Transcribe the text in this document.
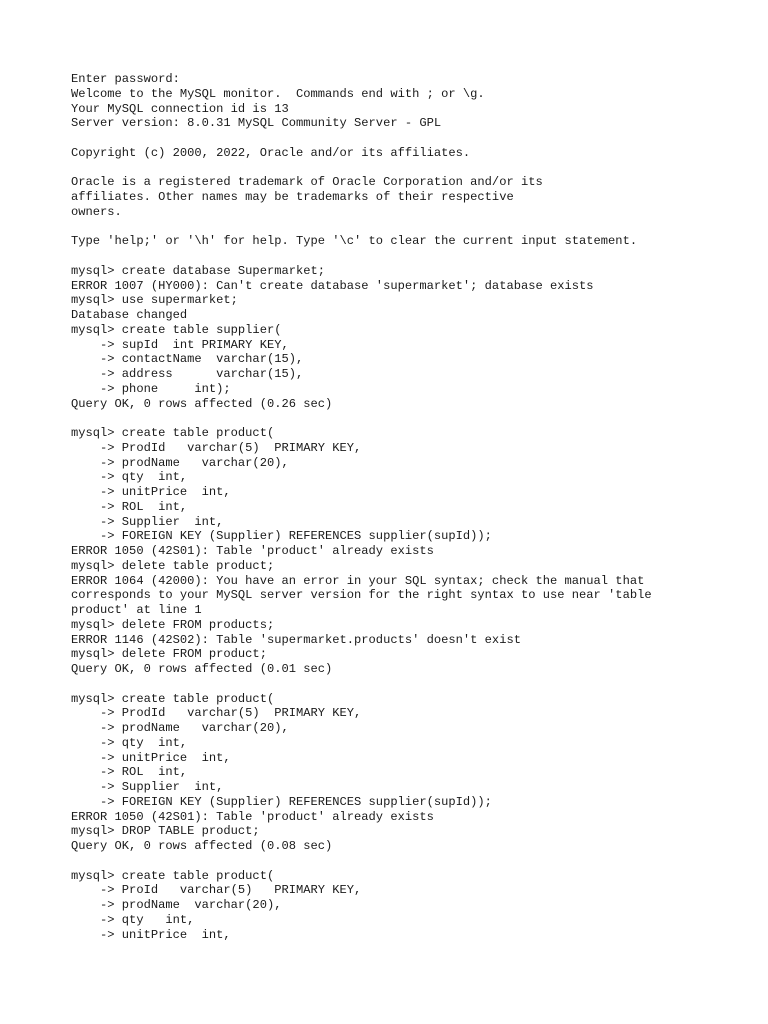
Enter password:
Welcome to the MySQL monitor.  Commands end with ; or \g.
Your MySQL connection id is 13
Server version: 8.0.31 MySQL Community Server - GPL
Copyright (c) 2000, 2022, Oracle and/or its affiliates.
Oracle is a registered trademark of Oracle Corporation and/or its
affiliates. Other names may be trademarks of their respective
owners.
Type 'help;' or '\h' for help. Type '\c' to clear the current input statement.
mysql> create database Supermarket;
ERROR 1007 (HY000): Can't create database 'supermarket'; database exists
mysql> use supermarket;
Database changed
mysql> create table supplier(
-> supId  int PRIMARY KEY,
-> contactName  varchar(15),
-> address      varchar(15),
-> phone     int);
Query OK, 0 rows affected (0.26 sec)
mysql> create table product(
-> ProdId   varchar(5)  PRIMARY KEY,
-> prodName   varchar(20),
-> qty  int,
-> unitPrice  int,
-> ROL  int,
-> Supplier  int,
-> FOREIGN KEY (Supplier) REFERENCES supplier(supId));
ERROR 1050 (42S01): Table 'product' already exists
mysql> delete table product;
ERROR 1064 (42000): You have an error in your SQL syntax; check the manual that
corresponds to your MySQL server version for the right syntax to use near 'table
product' at line 1
mysql> delete FROM products;
ERROR 1146 (42S02): Table 'supermarket.products' doesn't exist
mysql> delete FROM product;
Query OK, 0 rows affected (0.01 sec)
mysql> create table product(
-> ProdId   varchar(5)  PRIMARY KEY,
-> prodName   varchar(20),
-> qty  int,
-> unitPrice  int,
-> ROL  int,
-> Supplier  int,
-> FOREIGN KEY (Supplier) REFERENCES supplier(supId));
ERROR 1050 (42S01): Table 'product' already exists
mysql> DROP TABLE product;
Query OK, 0 rows affected (0.08 sec)
mysql> create table product(
-> ProId   varchar(5)   PRIMARY KEY,
-> prodName  varchar(20),
-> qty   int,
-> unitPrice  int,
